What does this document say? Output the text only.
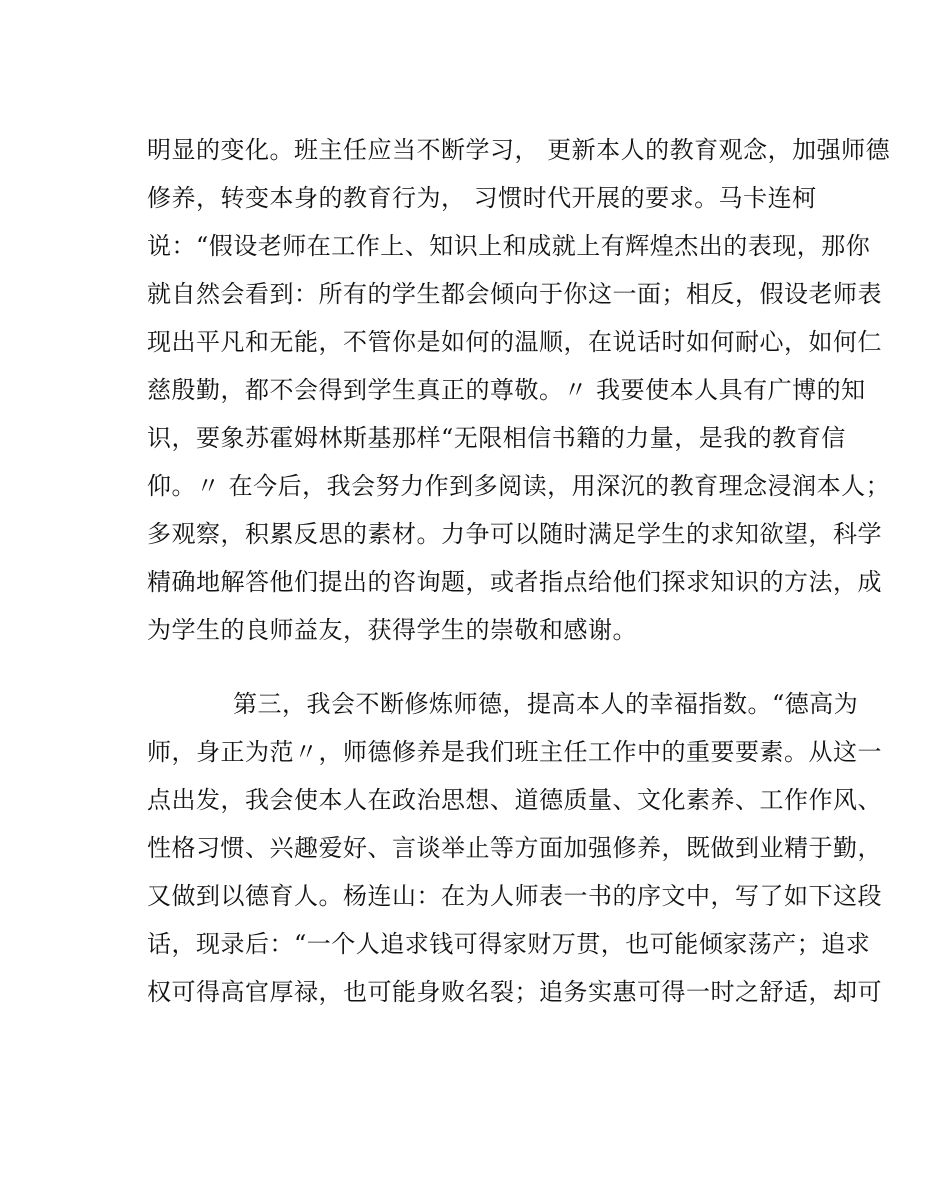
明显的变化。班主任应当不断学习， 更新本人的教育观念，加强师德
修养，转变本身的教育行为， 习惯时代开展的要求。马卡连柯
说：“假设老师在工作上、知识上和成就上有辉煌杰出的表现，那你
就自然会看到：所有的学生都会倾向于你这一面；相反，假设老师表
现出平凡和无能，不管你是如何的温顺，在说话时如何耐心，如何仁
慈殷勤，都不会得到学生真正的尊敬。〃 我要使本人具有广博的知
识，要象苏霍姆林斯基那样“无限相信书籍的力量，是我的教育信
仰。〃 在今后，我会努力作到多阅读，用深沉的教育理念浸润本人；
多观察，积累反思的素材。力争可以随时满足学生的求知欲望，科学
精确地解答他们提出的咨询题，或者指点给他们探求知识的方法，成
为学生的良师益友，获得学生的崇敬和感谢。
第三，我会不断修炼师德，提高本人的幸福指数。“德高为
师，身正为范〃，师德修养是我们班主任工作中的重要要素。从这一
点出发，我会使本人在政治思想、道德质量、文化素养、工作作风、
性格习惯、兴趣爱好、言谈举止等方面加强修养，既做到业精于勤，
又做到以德育人。杨连山：在为人师表一书的序文中，写了如下这段
话，现录后：“一个人追求钱可得家财万贯，也可能倾家荡产；追求
权可得高官厚禄，也可能身败名裂；追务实惠可得一时之舒适，却可
